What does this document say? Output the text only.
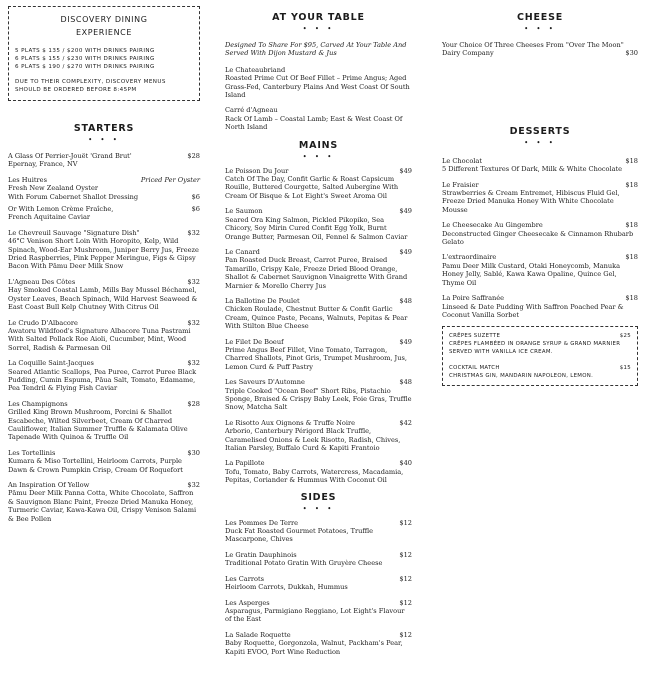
DISCOVERY DINING
EXPERIENCE
5 PLATS $ 135 / $200 WITH DRINKS PAIRING
6 PLATS $ 155 / $230 WITH DRINKS PAIRING
6 PLATS $ 190 / $270 WITH DRINKS PAIRING
DUE TO THEIR COMPLEXITY, DISCOVERY MENUS
SHOULD BE ORDERED BEFORE 8:45PM
STARTERS
• • •
A Glass Of Perrier-Jouët 'Grand Brut'	$28
Epernay, France, NV
Les Huitres	Priced Per Oyster
Fresh New Zealand Oyster
With Forum Cabernet Shallot Dressing	$6
Or With Lemon Crème Fraîche,	$6
French Aquitaine Caviar
Le Chevreuil Sauvage "Signature Dish"	$32
46°C Venison Short Loin With Horopito, Kelp, Wild Spinach, Wood-Ear Mushroom, Juniper Berry Jus, Freeze Dried Raspberries, Pink Pepper Meringue, Figs & Gipsy Bacon With Pāmu Deer Milk Snow
L'Agneau Des Côtes	$32
Hay Smoked Coastal Lamb, Mills Bay Mussel Béchamel, Oyster Leaves, Beach Spinach, Wild Harvest Seaweed & East Coast Bull Kelp Chutney With Citrus Oil
Le Crudo D'Albacore	$32
Awatoru Wildfood's Signature Albacore Tuna Pastrami With Salted Pollack Roe Aioli, Cucumber, Mint, Wood Sorrel, Radish & Parmesan Oil
La Coquille Saint-Jacques	$32
Seared Atlantic Scallops, Pea Puree, Carrot Puree Black Pudding, Cumin Espuma, Pāua Salt, Tomato, Edamame, Pea Tendril & Flying Fish Caviar
Les Champignons	$28
Grilled King Brown Mushroom, Porcini & Shallot Escabeche, Wilted Silverbeet, Cream Of Charred Cauliflower, Italian Summer Truffle & Kalamata Olive Tapenade With Quinoa & Truffle Oil
Les Tortellinis	$30
Kumara & Miso Tortellini, Heirloom Carrots, Purple Dawn & Crown Pumpkin Crisp, Cream Of Roquefort
An Inspiration Of Yellow	$32
Pāmu Deer Milk Panna Cotta, White Chocolate, Saffron & Sauvignon Blanc Paint, Freeze Dried Manuka Honey, Turmeric Caviar, Kawa-Kawa Oil, Crispy Venison Salami & Bee Pollen
AT YOUR TABLE
• • •
Designed To Share For $95, Carved At Your Table And Served With Dijon Mustard & Jus
Le Chateaubriand
Roasted Prime Cut Of Beef Fillet – Prime Angus; Aged Grass-Fed, Canterbury Plains And West Coast Of South Island
Carré d'Agneau
Rack Of Lamb – Coastal Lamb; East & West Coast Of North Island
MAINS
• • •
Le Poisson Du Jour	$49
Catch Of The Day, Confit Garlic & Roast Capsicum Rouille, Buttered Courgette, Salted Aubergine With Cream Of Bisque & Lot Eight's Sweet Aroma Oil
Le Saumon	$49
Seared Ora King Salmon, Pickled Pikopiko, Sea Chicory, Soy Mirin Cured Confit Egg Yolk, Burnt Orange Butter, Parmesan Oil, Fennel & Salmon Caviar
Le Canard	$49
Pan Roasted Duck Breast, Carrot Puree, Braised Tamarillo, Crispy Kale, Freeze Dried Blood Orange, Shallot & Cabernet Sauvignon Vinaigrette With Grand Marnier & Morello Cherry Jus
La Ballotine De Poulet	$48
Chicken Roulade, Chestnut Butter & Confit Garlic Cream, Quince Paste, Pecans, Walnuts, Pepitas & Pear With Stilton Blue Cheese
Le Filet De Boeuf	$49
Prime Angus Beef Fillet, Vine Tomato, Tarragon, Charred Shallots, Pinot Gris, Trumpet Mushroom, Jus, Lemon Curd & Puff Pastry
Les Saveurs D'Automne	$48
Triple Cooked "Ocean Beef" Short Ribs, Pistachio Sponge, Braised & Crispy Baby Leek, Foie Gras, Truffle Snow, Matcha Salt
Le Risotto Aux Oignons & Truffe Noire	$42
Arborio, Canterbury Périgord Black Truffle, Caramelised Onions & Leek Risotto, Radish, Chives, Italian Parsley, Buffalo Curd & Kapiti Frantoio
La Papillote	$40
Tofu, Tomato, Baby Carrots, Watercress, Macadamia, Pepitas, Coriander & Hummus With Coconut Oil
SIDES
• • •
Les Pommes De Terre	$12
Duck Fat Roasted Gourmet Potatoes, Truffle Mascarpone, Chives
Le Gratin Dauphinois	$12
Traditional Potato Gratin With Gruyère Cheese
Les Carrots	$12
Heirloom Carrots, Dukkah, Hummus
Les Asperges	$12
Asparagus, Parmigiano Reggiano, Lot Eight's Flavour of the East
La Salade Roquette	$12
Baby Roquette, Gorgonzola, Walnut, Packham's Pear, Kapiti EVOO, Port Wine Reduction
CHEESE
• • •
Your Choice Of Three Cheeses From "Over The Moon"
Dairy Company	$30
DESSERTS
• • •
Le Chocolat	$18
5 Different Textures Of Dark, Milk & White Chocolate
Le Fraisier	$18
Strawberries & Cream Entremet, Hibiscus Fluid Gel, Freeze Dried Manuka Honey With White Chocolate Mousse
Le Cheesecake Au Gingembre	$18
Deconstructed Ginger Cheesecake & Cinnamon Rhubarb Gelato
L'extraordinaire	$18
Pamu Deer Milk Custard, Otaki Honeycomb, Manuka Honey Jelly, Sablé, Kawa Kawa Opaline, Quince Gel, Thyme Oil
La Poire Saffranée	$18
Linseed & Date Pudding With Saffron Poached Pear & Coconut Vanilla Sorbet
CRÊPES SUZETTE	$25
CRÊPES FLAMBÉED IN ORANGE SYRUP & GRAND MARNIER SERVED WITH VANILLA ICE CREAM.
COCKTAIL MATCH	$15
CHRISTMAS GIN, MANDARIN NAPOLEON, LEMON.
